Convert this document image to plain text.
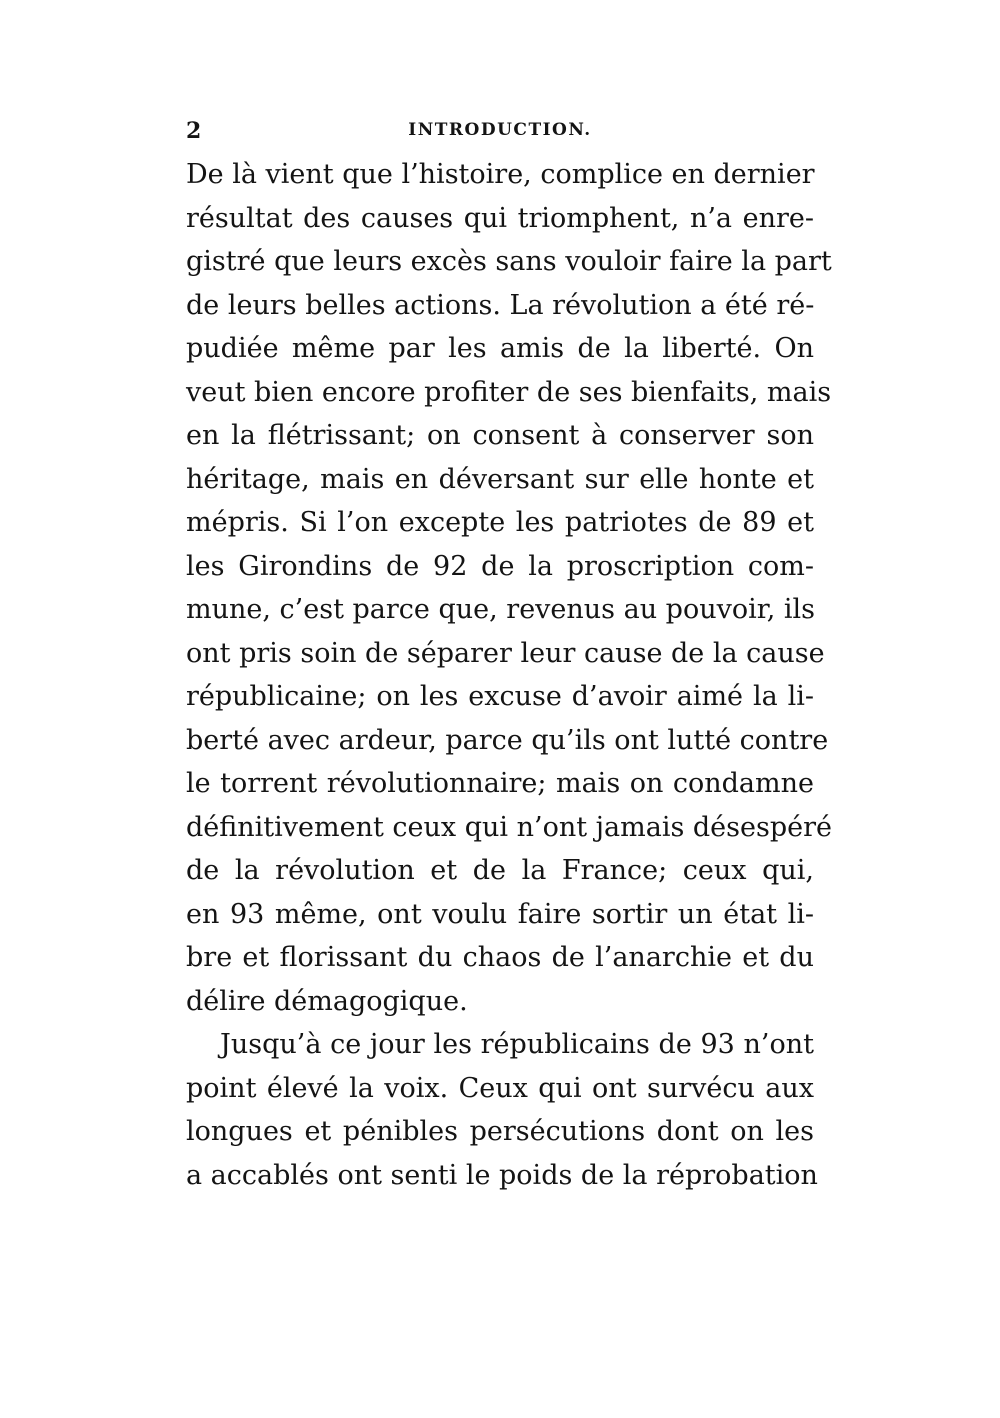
2	INTRODUCTION.
De là vient que l’histoire, complice en dernier
résultat des causes qui triomphent, n’a enre-
gistré que leurs excès sans vouloir faire la part
de leurs belles actions. La révolution a été ré-
pudiée même par les amis de la liberté. On
veut bien encore profiter de ses bienfaits, mais
en la flétrissant; on consent à conserver son
héritage, mais en déversant sur elle honte et
mépris. Si l’on excepte les patriotes de 89 et
les Girondins de 92 de la proscription com-
mune, c’est parce que, revenus au pouvoir, ils
ont pris soin de séparer leur cause de la cause
républicaine; on les excuse d’avoir aimé la li-
berté avec ardeur, parce qu’ils ont lutté contre
le torrent révolutionnaire; mais on condamne
définitivement ceux qui n’ont jamais désespéré
de la révolution et de la France; ceux qui,
en 93 même, ont voulu faire sortir un état li-
bre et florissant du chaos de l’anarchie et du
délire démagogique.
Jusqu’à ce jour les républicains de 93 n’ont
point élevé la voix. Ceux qui ont survécu aux
longues et pénibles persécutions dont on les
a accablés ont senti le poids de la réprobation
